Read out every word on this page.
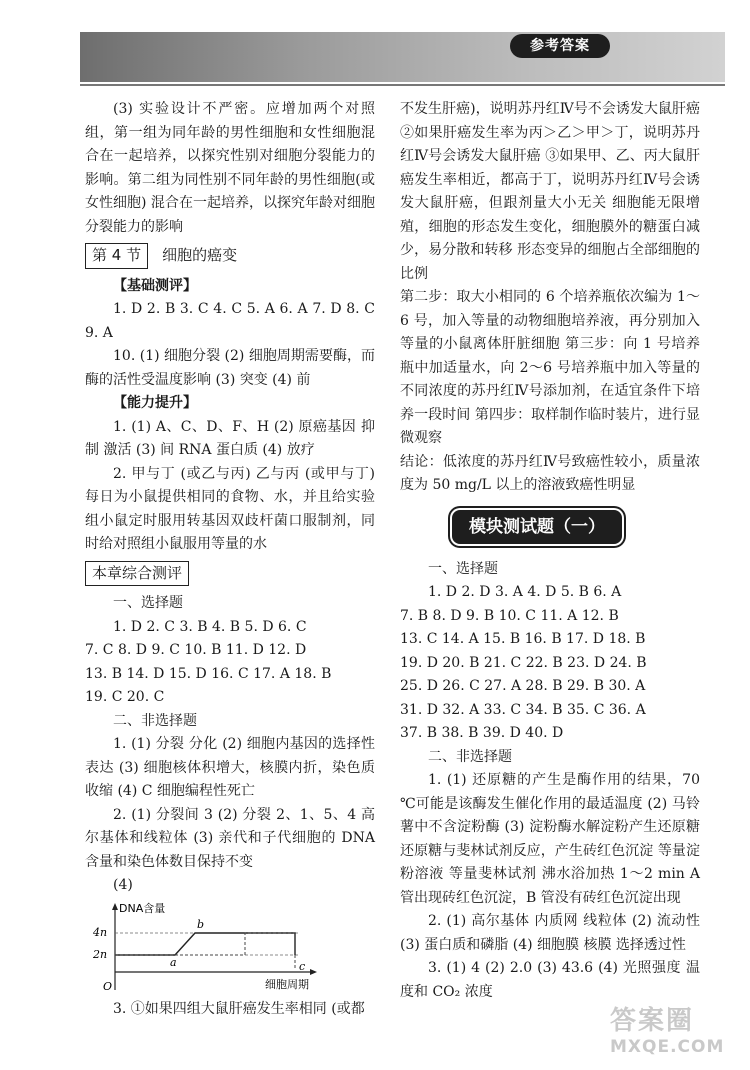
参考答案

(3) 实验设计不严密。应增加两个对照组，第一组为同年龄的男性细胞和女性细胞混合在一起培养，以探究性别对细胞分裂能力的影响。第二组为同性别不同年龄的男性细胞(或女性细胞) 混合在一起培养，以探究年龄对细胞分裂能力的影响

第 4 节 细胞的癌变

【基础测评】

1. D 2. B 3. C 4. C 5. A 6. A 7. D 8. C 9. A

10. (1) 细胞分裂 (2) 细胞周期需要酶，而酶的活性受温度影响 (3) 突变 (4) 前

【能力提升】

1. (1) A、C、D、F、H (2) 原癌基因 抑制 激活 (3) 间 RNA 蛋白质 (4) 放疗

2. 甲与丁 (或乙与丙) 乙与丙 (或甲与丁) 每日为小鼠提供相同的食物、水，并且给实验组小鼠定时服用转基因双歧杆菌口服制剂，同时给对照组小鼠服用等量的水

本章综合测评

一、选择题

1. D 2. C 3. B 4. B 5. D 6. C

7. C 8. D 9. C 10. B 11. D 12. D

13. B 14. D 15. D 16. C 17. A 18. B

19. C 20. C

二、非选择题

1. (1) 分裂 分化 (2) 细胞内基因的选择性表达 (3) 细胞核体积增大，核膜内折，染色质收缩 (4) C 细胞编程性死亡

2. (1) 分裂间 3 (2) 分裂 2、1、5、4 高尔基体和线粒体 (3) 亲代和子代细胞的 DNA 含量和染色体数目保持不变

(4)

DNA含量
4n
2n
O	细胞周期
a
b
c

3. ①如果四组大鼠肝癌发生率相同 (或都

不发生肝癌)，说明苏丹红Ⅳ号不会诱发大鼠肝癌 ②如果肝癌发生率为丙＞乙＞甲＞丁，说明苏丹红Ⅳ号会诱发大鼠肝癌 ③如果甲、乙、丙大鼠肝癌发生率相近，都高于丁，说明苏丹红Ⅳ号会诱发大鼠肝癌，但跟剂量大小无关 细胞能无限增殖，细胞的形态发生变化，细胞膜外的糖蛋白减少，易分散和转移 形态变异的细胞占全部细胞的比例

第二步：取大小相同的 6 个培养瓶依次编为 1～6 号，加入等量的动物细胞培养液，再分别加入等量的小鼠离体肝脏细胞 第三步：向 1 号培养瓶中加适量水，向 2～6 号培养瓶中加入等量的不同浓度的苏丹红Ⅳ号添加剂，在适宜条件下培养一段时间 第四步：取样制作临时装片，进行显微观察

结论：低浓度的苏丹红Ⅳ号致癌性较小，质量浓度为 50 mg/L 以上的溶液致癌性明显

模块测试题（一）

一、选择题

1. D 2. D 3. A 4. D 5. B 6. A

7. B 8. D 9. B 10. C 11. A 12. B

13. C 14. A 15. B 16. B 17. D 18. B

19. D 20. B 21. C 22. B 23. D 24. B

25. D 26. C 27. A 28. B 29. B 30. A

31. D 32. A 33. C 34. B 35. C 36. A

37. B 38. B 39. D 40. D

二、非选择题

1. (1) 还原糖的产生是酶作用的结果，70 ℃可能是该酶发生催化作用的最适温度 (2) 马铃薯中不含淀粉酶 (3) 淀粉酶水解淀粉产生还原糖 还原糖与斐林试剂反应，产生砖红色沉淀 等量淀粉溶液 等量斐林试剂 沸水浴加热 1～2 min A 管出现砖红色沉淀，B 管没有砖红色沉淀出现

2. (1) 高尔基体 内质网 线粒体 (2) 流动性 (3) 蛋白质和磷脂 (4) 细胞膜 核膜 选择透过性

3. (1) 4 (2) 2.0 (3) 43.6 (4) 光照强度 温度和 CO₂ 浓度

答案圈
MXQE.COM
